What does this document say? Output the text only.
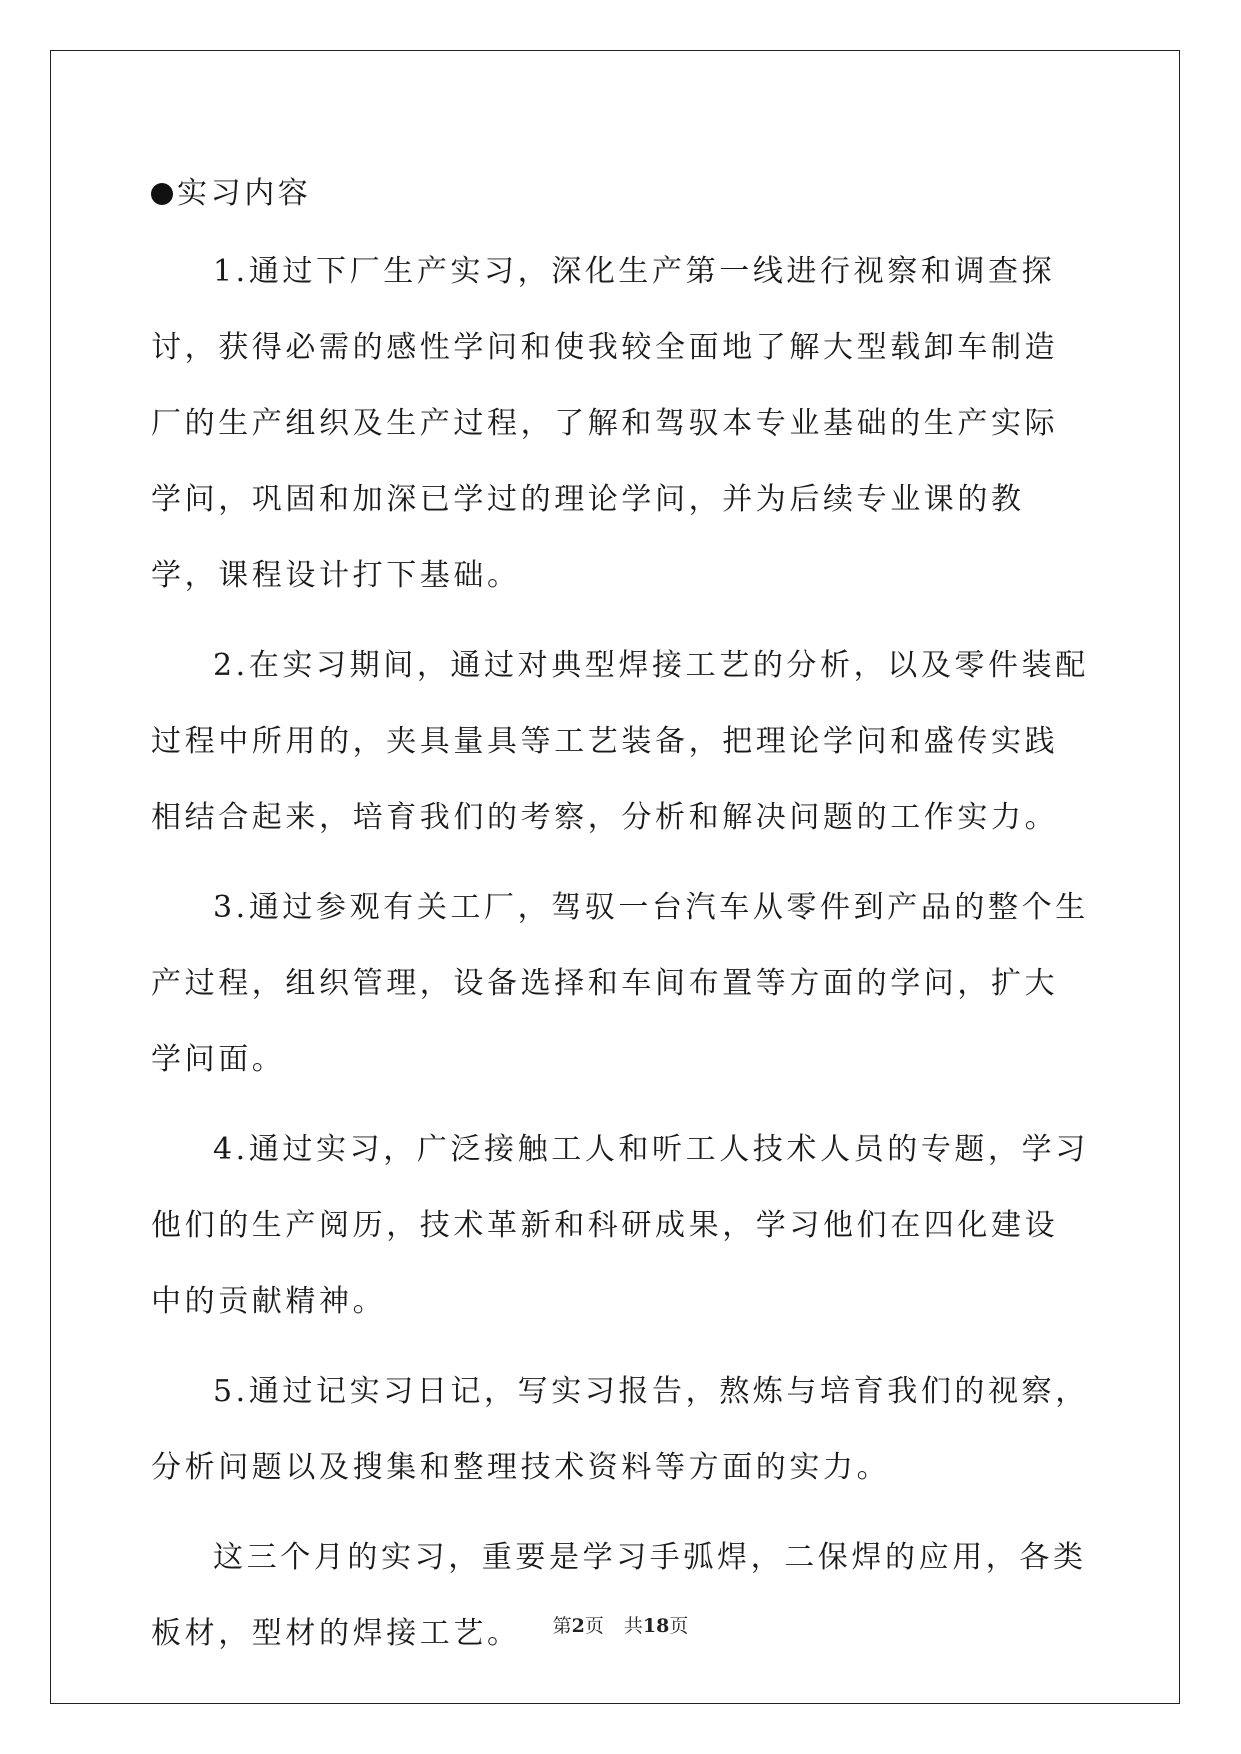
实习内容

1.通过下厂生产实习，深化生产第一线进行视察和调查探讨，获得必需的感性学问和使我较全面地了解大型载卸车制造厂的生产组织及生产过程，了解和驾驭本专业基础的生产实际学问，巩固和加深已学过的理论学问，并为后续专业课的教学，课程设计打下基础。

2.在实习期间，通过对典型焊接工艺的分析，以及零件装配过程中所用的，夹具量具等工艺装备，把理论学问和盛传实践相结合起来，培育我们的考察，分析和解决问题的工作实力。

3.通过参观有关工厂，驾驭一台汽车从零件到产品的整个生产过程，组织管理，设备选择和车间布置等方面的学问，扩大学问面。

4.通过实习，广泛接触工人和听工人技术人员的专题，学习他们的生产阅历，技术革新和科研成果，学习他们在四化建设中的贡献精神。

5.通过记实习日记，写实习报告，熬炼与培育我们的视察，分析问题以及搜集和整理技术资料等方面的实力。

这三个月的实习，重要是学习手弧焊，二保焊的应用，各类板材，型材的焊接工艺。	第2页 共18页
